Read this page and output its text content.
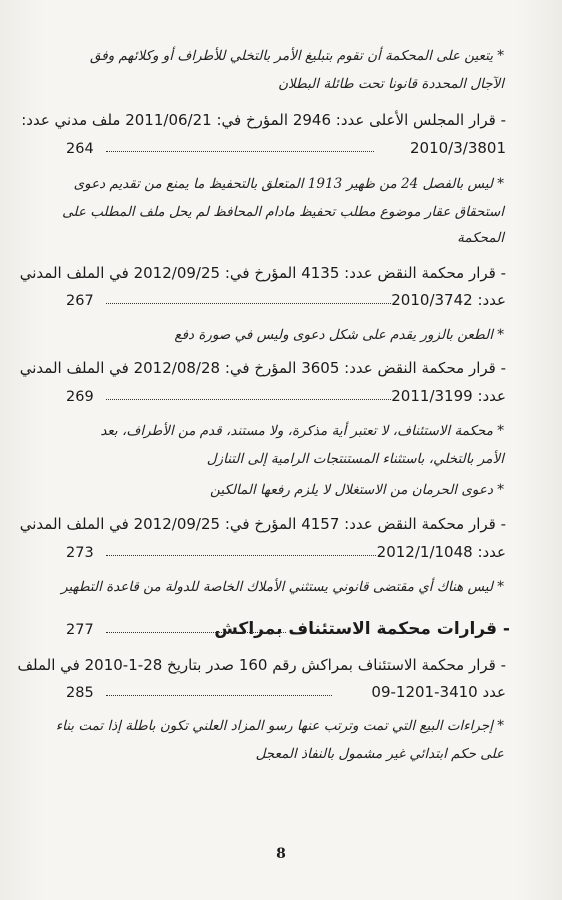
* يتعين على المحكمة أن تقوم بتبليغ الأمر بالتخلي للأطراف أو وكلائهم وفق
الآجال المحددة قانونا تحت طائلة البطلان
- قرار المجلس الأعلى عدد: 2946 المؤرخ في: 2011/06/21 ملف مدني عدد:
2010/3/3801
264
* ليس بالفصل 24 من ظهير 1913 المتعلق بالتحفيظ ما يمنع من تقديم دعوى
استحقاق عقار موضوع مطلب تحفيظ مادام المحافظ لم يحل ملف المطلب على
المحكمة
- قرار محكمة النقض عدد: 4135 المؤرخ في: 2012/09/25 في الملف المدني
عدد: 2010/3742
267
* الطعن بالزور يقدم على شكل دعوى وليس في صورة دفع
- قرار محكمة النقض عدد: 3605 المؤرخ في: 2012/08/28 في الملف المدني
عدد: 2011/3199
269
* محكمة الاستئناف، لا تعتبر أية مذكرة، ولا مستند، قدم من الأطراف، بعد
الأمر بالتخلي، باستثناء المستنتجات الرامية إلى التنازل
* دعوى الحرمان من الاستغلال لا يلزم رفعها المالكين
- قرار محكمة النقض عدد: 4157 المؤرخ في: 2012/09/25 في الملف المدني
عدد: 2012/1/1048
273
* ليس هناك أي مقتضى قانوني يستثني الأملاك الخاصة للدولة من قاعدة التطهير
- قرارات محكمة الاستئناف بمراكش
277
- قرار محكمة الاستئناف بمراكش رقم 160 صدر بتاريخ 28-1-2010 في الملف
عدد 3410-1201-09
285
* إجراءات البيع التي تمت وترتب عنها رسو المزاد العلني تكون باطلة إذا تمت بناء
على حكم ابتدائي غير مشمول بالنفاذ المعجل
8
